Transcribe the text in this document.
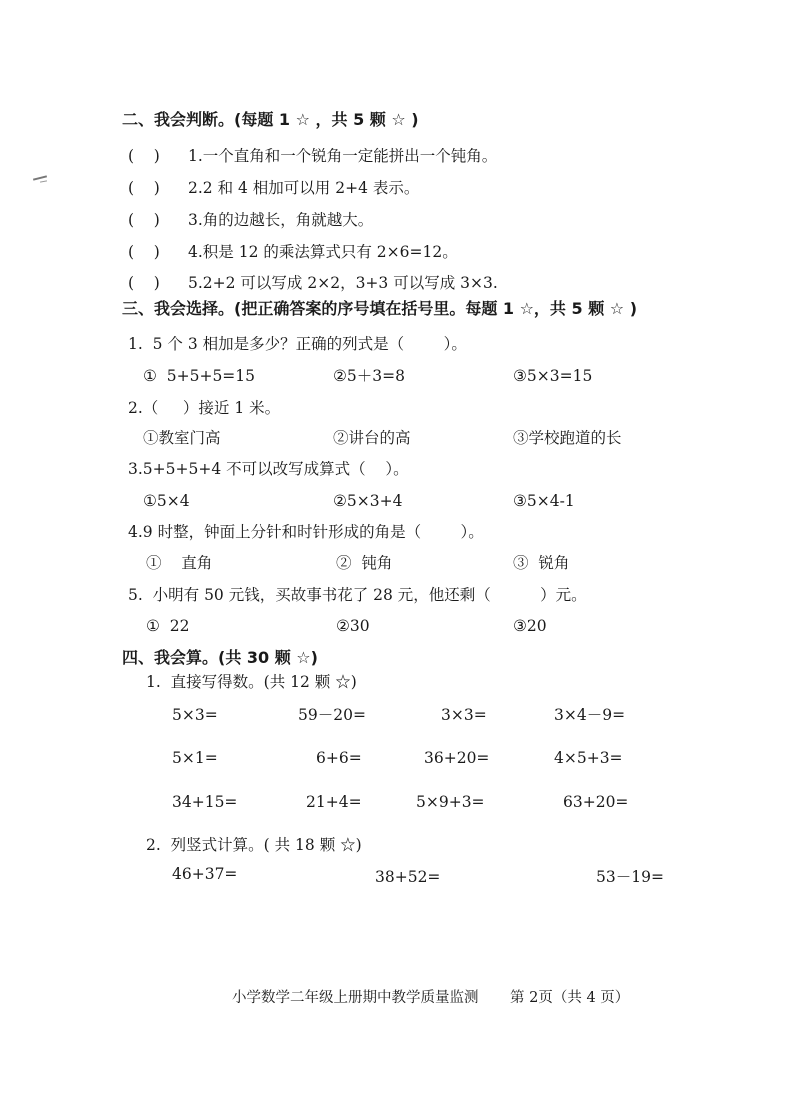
二、我会判断。(每题 1 ☆ ，共 5 颗 ☆ )
(    ) 1.一个直角和一个锐角一定能拼出一个钝角。
(    ) 2.2 和 4 相加可以用 2+4 表示。
(    ) 3.角的边越长，角就越大。
(    ) 4.积是 12 的乘法算式只有 2×6=12。
(    ) 5.2+2 可以写成 2×2，3+3 可以写成 3×3.
三、我会选择。(把正确答案的序号填在括号里。每题 1 ☆，共 5 颗 ☆ )
1.  5 个 3 相加是多少？正确的列式是（        ）。
①  5+5+5=15	②5＋3=8	③5×3=15
2.（     ）接近 1 米。
①教室门高	②讲台的高	③学校跑道的长
3.5+5+5+4 不可以改写成算式（    ）。
①5×4	②5×3+4	③5×4-1
4.9 时整，钟面上分针和时针形成的角是（        ）。
①    直角	②  钝角	③  锐角
5.  小明有 50 元钱，买故事书花了 28 元，他还剩（          ）元。
①  22	②30	③20
四、我会算。(共 30 颗 ☆)
1.  直接写得数。(共 12 颗 ☆)
5×3=	59－20=	3×3=	3×4－9=
5×1=	6+6=	36+20=	4×5+3=
34+15=	21+4=	5×9+3=	63+20=
2.  列竖式计算。( 共 18 颗 ☆)
46+37=	38+52=	53－19=
小学数学二年级上册期中教学质量监测 第 2页（共 4 页）
